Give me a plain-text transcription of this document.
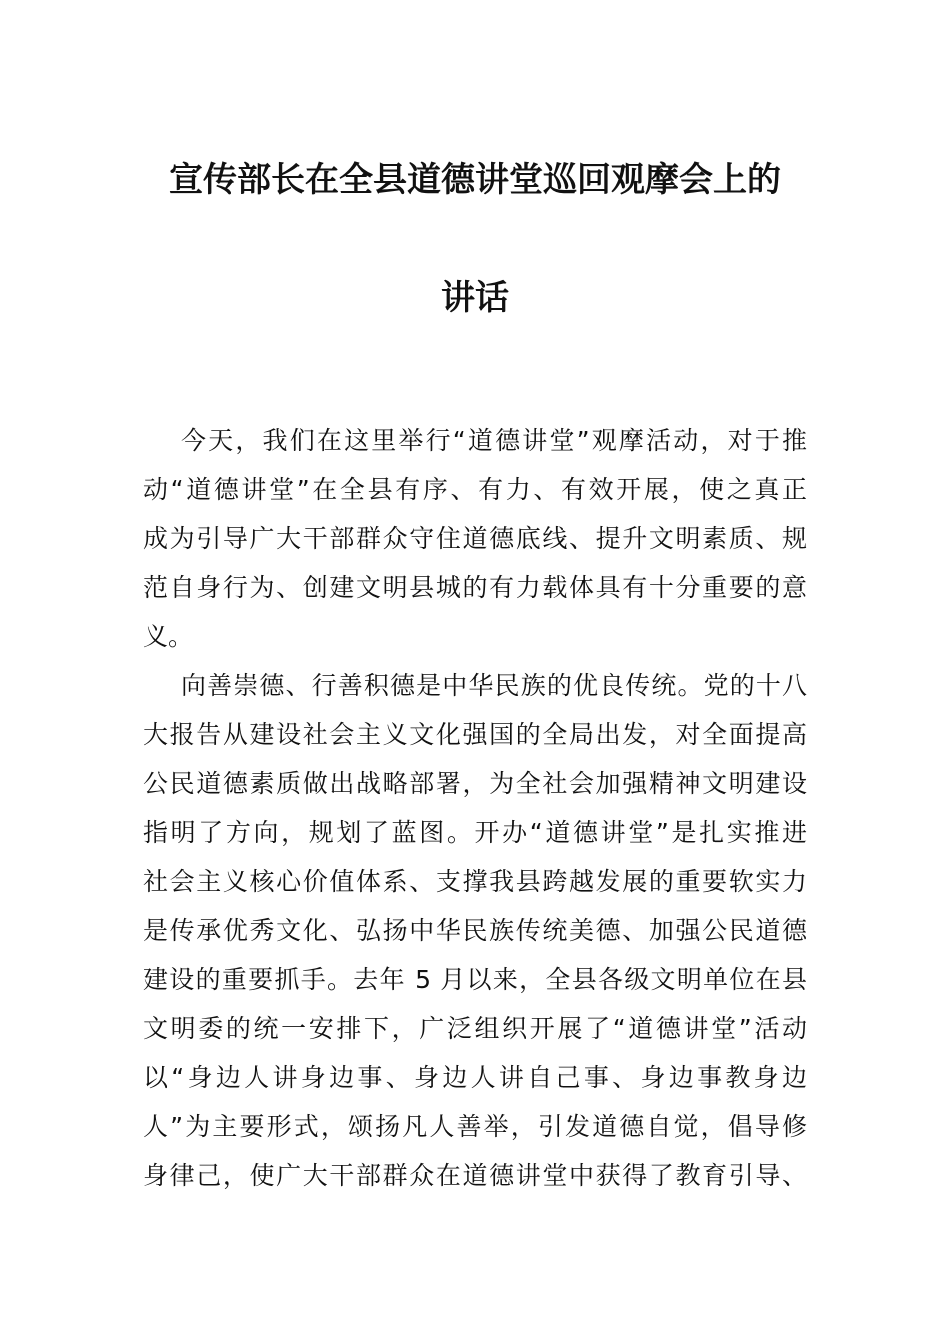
宣传部长在全县道德讲堂巡回观摩会上的
讲话
今天，我们在这里举行“道德讲堂”观摩活动，对于推
动“道德讲堂”在全县有序、有力、有效开展，使之真正
成为引导广大干部群众守住道德底线、提升文明素质、规
范自身行为、创建文明县城的有力载体具有十分重要的意
义。
向善崇德、行善积德是中华民族的优良传统。党的十八
大报告从建设社会主义文化强国的全局出发，对全面提高
公民道德素质做出战略部署，为全社会加强精神文明建设
指明了方向，规划了蓝图。开办“道德讲堂”是扎实推进
社会主义核心价值体系、支撑我县跨越发展的重要软实力
是传承优秀文化、弘扬中华民族传统美德、加强公民道德
建设的重要抓手。去年 5 月以来，全县各级文明单位在县
文明委的统一安排下，广泛组织开展了“道德讲堂”活动
以“身边人讲身边事、身边人讲自己事、身边事教身边
人”为主要形式，颂扬凡人善举，引发道德自觉，倡导修
身律己，使广大干部群众在道德讲堂中获得了教育引导、
